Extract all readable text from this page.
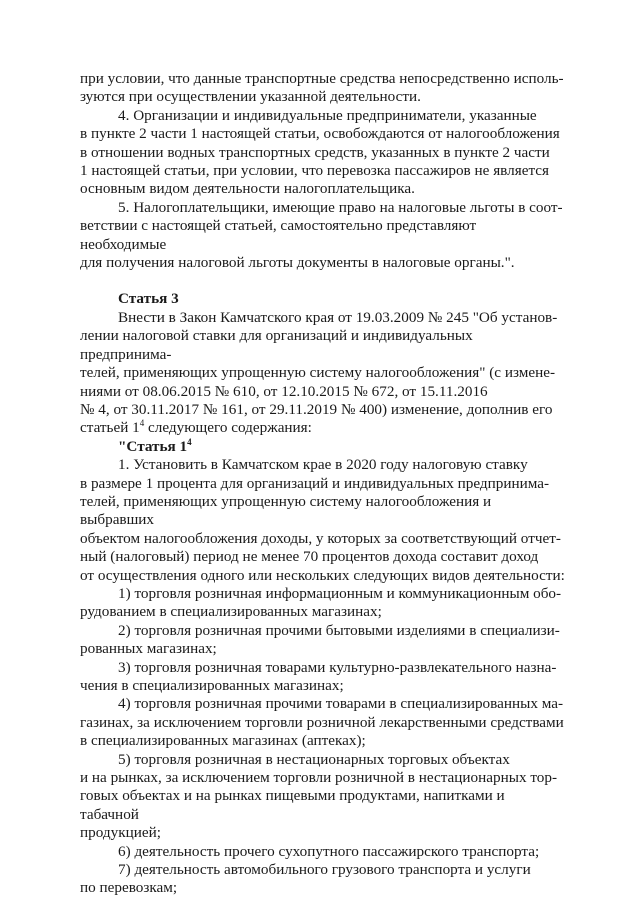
при условии, что данные транспортные средства непосредственно исполь-

зуются при осуществлении указанной деятельности.

4. Организации и индивидуальные предприниматели, указанные

в пункте 2 части 1 настоящей статьи, освобождаются от налогообложения

в отношении водных транспортных средств, указанных в пункте 2 части

1 настоящей статьи, при условии, что перевозка пассажиров не является

основным видом деятельности налогоплательщика.

5. Налогоплательщики, имеющие право на налоговые льготы в соот-

ветствии с настоящей статьей, самостоятельно представляют необходимые

для получения налоговой льготы документы в налоговые органы.".

Статья 3

Внести в Закон Камчатского края от 19.03.2009 № 245 "Об установ-

лении налоговой ставки для организаций и индивидуальных предпринима-

телей, применяющих упрощенную систему налогообложения" (с измене-

ниями от 08.06.2015 № 610, от 12.10.2015 № 672, от 15.11.2016

№ 4, от 30.11.2017 № 161, от 29.11.2019 № 400) изменение, дополнив его

статьей $1^4$ следующего содержания:

"Статья $1^4$

1. Установить в Камчатском крае в 2020 году налоговую ставку

в размере 1 процента для организаций и индивидуальных предпринима-

телей, применяющих упрощенную систему налогообложения и выбравших

объектом налогообложения доходы, у которых за соответствующий отчет-

ный (налоговый) период не менее 70 процентов дохода составит доход

от осуществления одного или нескольких следующих видов деятельности:

1) торговля розничная информационным и коммуникационным обо-

рудованием в специализированных магазинах;

2) торговля розничная прочими бытовыми изделиями в специализи-

рованных магазинах;

3) торговля розничная товарами культурно-развлекательного назна-

чения в специализированных магазинах;

4) торговля розничная прочими товарами в специализированных ма-

газинах, за исключением торговли розничной лекарственными средствами

в специализированных магазинах (аптеках);

5) торговля розничная в нестационарных торговых объектах

и на рынках, за исключением торговли розничной в нестационарных тор-

говых объектах и на рынках пищевыми продуктами, напитками и табачной

продукцией;

6) деятельность прочего сухопутного пассажирского транспорта;

7) деятельность автомобильного грузового транспорта и услуги

по перевозкам;
